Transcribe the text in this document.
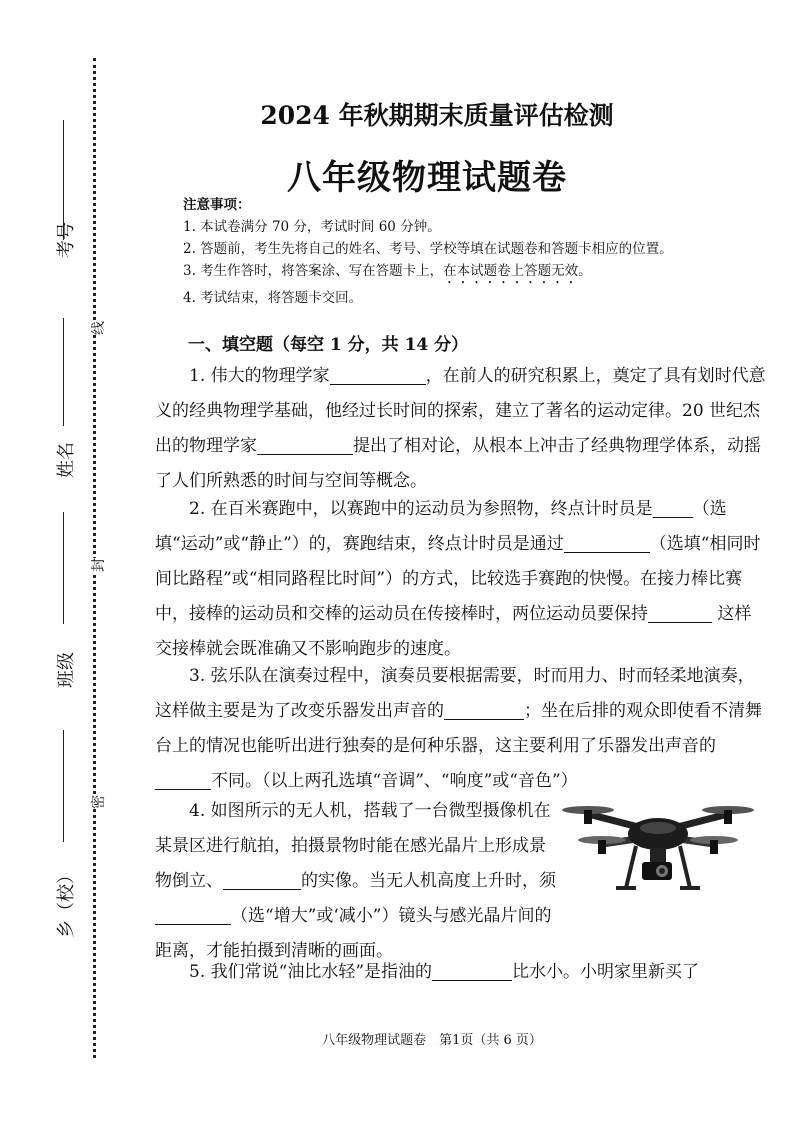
考号
姓名
班级
乡（校）
线
封
密
2024 年秋期期末质量评估检测
八年级物理试题卷
注意事项：
1. 本试卷满分 70 分，考试时间 60 分钟。
2. 答题前，考生先将自己的姓名、考号、学校等填在试题卷和答题卡相应的位置。
3. 考生作答时，将答案涂、写在答题卡上，在本试题卷上答题无效。
4. 考试结束，将答题卡交回。
一、填空题（每空 1 分，共 14 分）
1. 伟大的物理学家	，在前人的研究积累上，奠定了具有划时代意义的经典物理学基础，他经过长时间的探索，建立了著名的运动定律。20 世纪杰出的物理学家	提出了相对论，从根本上冲击了经典物理学体系，动摇了人们所熟悉的时间与空间等概念。
2. 在百米赛跑中，以赛跑中的运动员为参照物，终点计时员是 （选填“运动”或“静止”）的，赛跑结束，终点计时员是通过	（选填“相同时间比路程”或“相同路程比时间”）的方式，比较选手赛跑的快慢。在接力棒比赛中，接棒的运动员和交棒的运动员在传接棒时，两位运动员要保持	这样交接棒就会既准确又不影响跑步的速度。
3. 弦乐队在演奏过程中，演奏员要根据需要，时而用力、时而轻柔地演奏，这样做主要是为了改变乐器发出声音的	；坐在后排的观众即使看不清舞台上的情况也能听出进行独奏的是何种乐器，这主要利用了乐器发出声音的不同。（以上两孔选填“音调”、“响度”或“音色”）
4. 如图所示的无人机，搭载了一台微型摄像机在某景区进行航拍，拍摄景物时能在感光晶片上形成景物倒立、	的实像。当无人机高度上升时，须（选“增大”或‘减小”）镜头与感光晶片间的距离，才能拍摄到清晰的画面。
5. 我们常说“油比水轻”是指油的	比水小。小明家里新买了
八年级物理试题卷　第1页（共 6 页）
